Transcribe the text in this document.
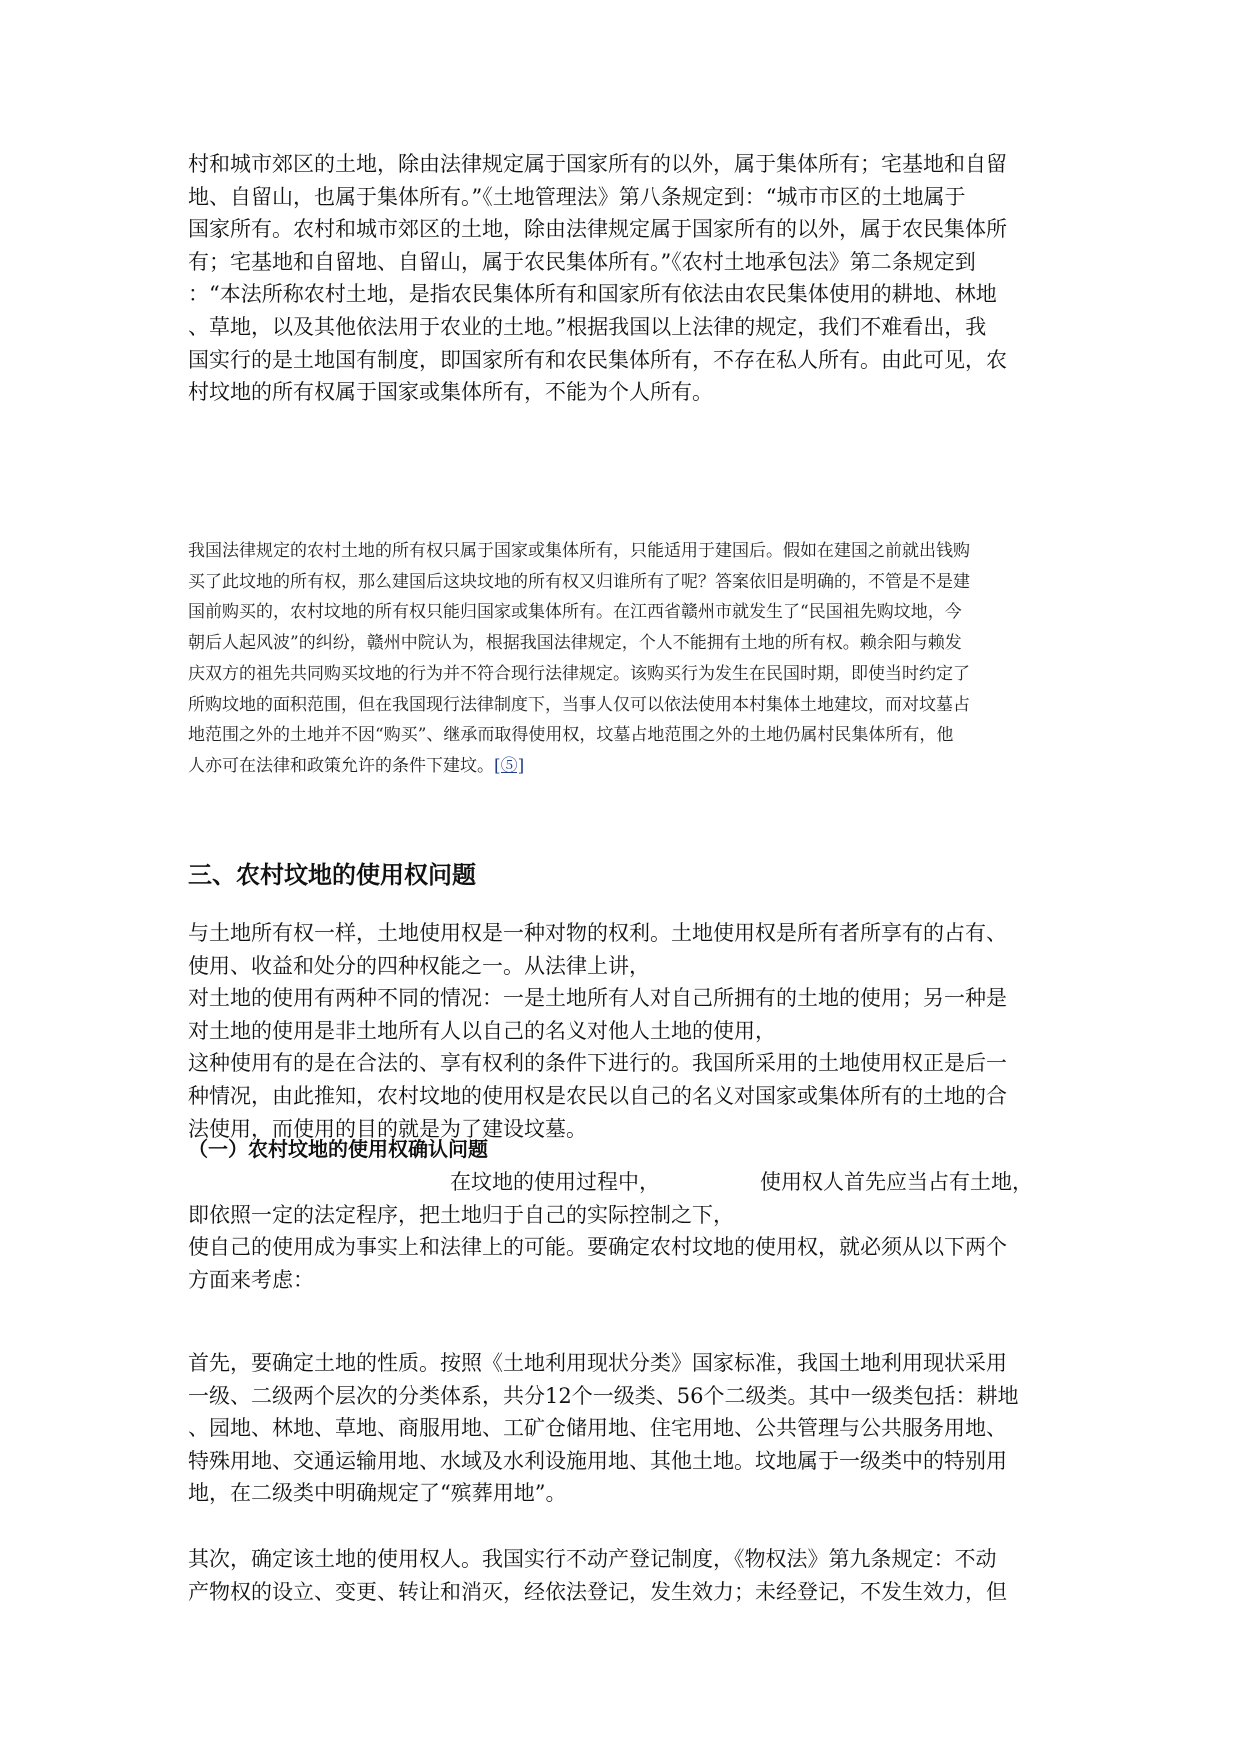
村和城市郊区的土地，除由法律规定属于国家所有的以外，属于集体所有；宅基地和自留
地、自留山，也属于集体所有。”《土地管理法》第八条规定到：“城市市区的土地属于
国家所有。农村和城市郊区的土地，除由法律规定属于国家所有的以外，属于农民集体所
有；宅基地和自留地、自留山，属于农民集体所有。”《农村土地承包法》第二条规定到
：“本法所称农村土地，是指农民集体所有和国家所有依法由农民集体使用的耕地、林地
、草地，以及其他依法用于农业的土地。”根据我国以上法律的规定，我们不难看出，我
国实行的是土地国有制度，即国家所有和农民集体所有，不存在私人所有。由此可见，农
村坟地的所有权属于国家或集体所有，不能为个人所有。
我国法律规定的农村土地的所有权只属于国家或集体所有，只能适用于建国后。假如在建国之前就出钱购
买了此坟地的所有权，那么建国后这块坟地的所有权又归谁所有了呢？答案依旧是明确的，不管是不是建
国前购买的，农村坟地的所有权只能归国家或集体所有。在江西省赣州市就发生了“民国祖先购坟地，今
朝后人起风波”的纠纷，赣州中院认为，根据我国法律规定，个人不能拥有土地的所有权。赖余阳与赖发
庆双方的祖先共同购买坟地的行为并不符合现行法律规定。该购买行为发生在民国时期，即使当时约定了
所购坟地的面积范围，但在我国现行法律制度下，当事人仅可以依法使用本村集体土地建坟，而对坟墓占
地范围之外的土地并不因“购买”、继承而取得使用权，坟墓占地范围之外的土地仍属村民集体所有，他
人亦可在法律和政策允许的条件下建坟。[⑤]
三、农村坟地的使用权问题
与土地所有权一样，土地使用权是一种对物的权利。土地使用权是所有者所享有的占有、
使用、收益和处分的四种权能之一。从法律上讲，
对土地的使用有两种不同的情况：一是土地所有人对自己所拥有的土地的使用；另一种是
对土地的使用是非土地所有人以自己的名义对他人土地的使用，
这种使用有的是在合法的、享有权利的条件下进行的。我国所采用的土地使用权正是后一
种情况，由此推知，农村坟地的使用权是农民以自己的名义对国家或集体所有的土地的合
法使用，而使用的目的就是为了建设坟墓。
（一）农村坟地的使用权确认问题
在坟地的使用过程中，	使用权人首先应当占有土地，
即依照一定的法定程序，把土地归于自己的实际控制之下，
使自己的使用成为事实上和法律上的可能。要确定农村坟地的使用权，就必须从以下两个
方面来考虑：
首先，要确定土地的性质。按照《土地利用现状分类》国家标准，我国土地利用现状采用
一级、二级两个层次的分类体系，共分12个一级类、56个二级类。其中一级类包括：耕地
、园地、林地、草地、商服用地、工矿仓储用地、住宅用地、公共管理与公共服务用地、
特殊用地、交通运输用地、水域及水利设施用地、其他土地。坟地属于一级类中的特别用
地，在二级类中明确规定了“殡葬用地”。
其次，确定该土地的使用权人。我国实行不动产登记制度，《物权法》第九条规定：不动
产物权的设立、变更、转让和消灭，经依法登记，发生效力；未经登记，不发生效力，但
